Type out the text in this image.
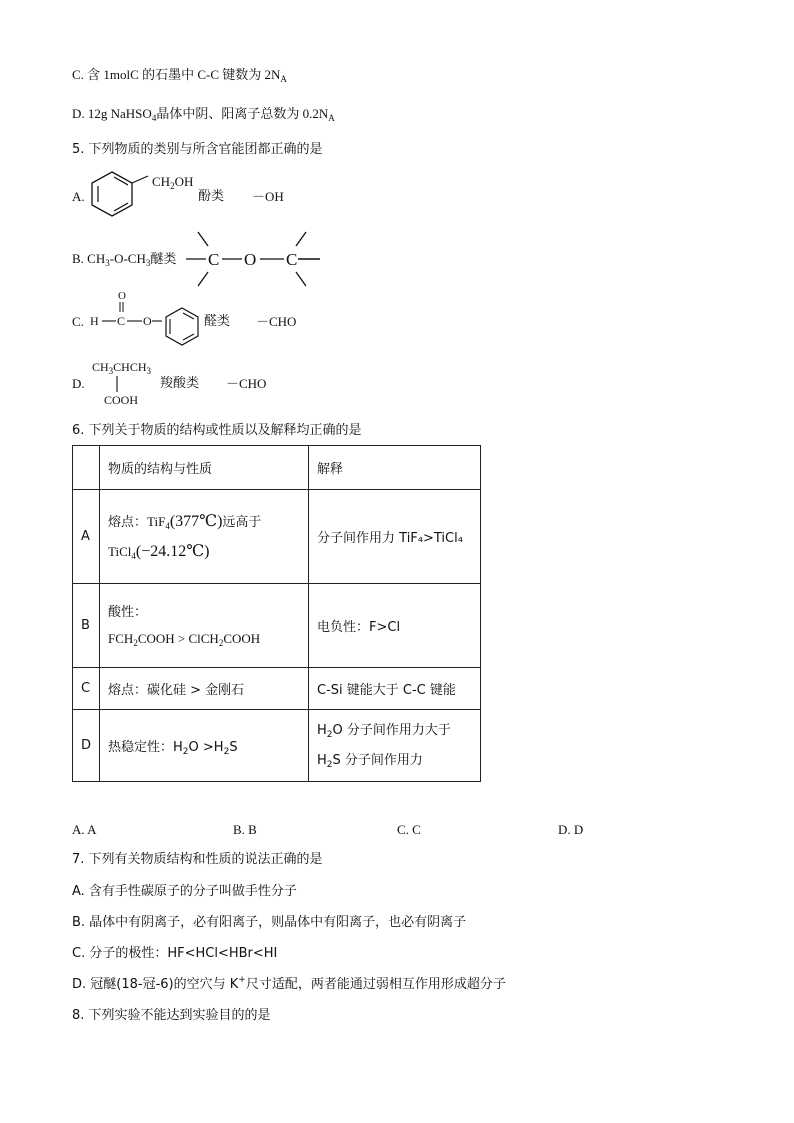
C. 含 1molC 的石墨中 C-C 键数为 $2N_A$
D. 12g NaHSO$_4$晶体中阴、阳离子总数为 $0.2N_A$
5. 下列物质的类别与所含官能团都正确的是
A.
$CH_2OH$
酚类 －OH
B. $CH_3-O-CH_3$醚类 C O C
C. H C
O
O	醛类 －CHO
D.
$CH_3CHCH_3$
COOH
羧酸类 －CHO
6. 下列关于物质的结构或性质以及解释均正确的是
	物质的结构与性质	解释
A	熔点：TiF$_4$(377℃)远高于
TiCl$_4$(−24.12℃)	分子间作用力 TiF₄>TiCl₄
B	酸性：
$FCH_2COOH$ > ClCH$_2$COOH	电负性：F>Cl
C	熔点：碳化硅 > 金刚石	C-Si 键能大于 C-C 键能
D	热稳定性：$H_2O >H_2S$	$H_2O$ 分子间作用力大于
$H_2S$ 分子间作用力
A. A	B. B	C. C	D. D
7. 下列有关物质结构和性质的说法正确的是
A. 含有手性碳原子的分子叫做手性分子
B. 晶体中有阴离子，必有阳离子，则晶体中有阳离子，也必有阴离子
C. 分子的极性：HF<HCl<HBr<HI
D. 冠醚(18-冠-6)的空穴与 K+尺寸适配，两者能通过弱相互作用形成超分子
8. 下列实验不能达到实验目的的是
